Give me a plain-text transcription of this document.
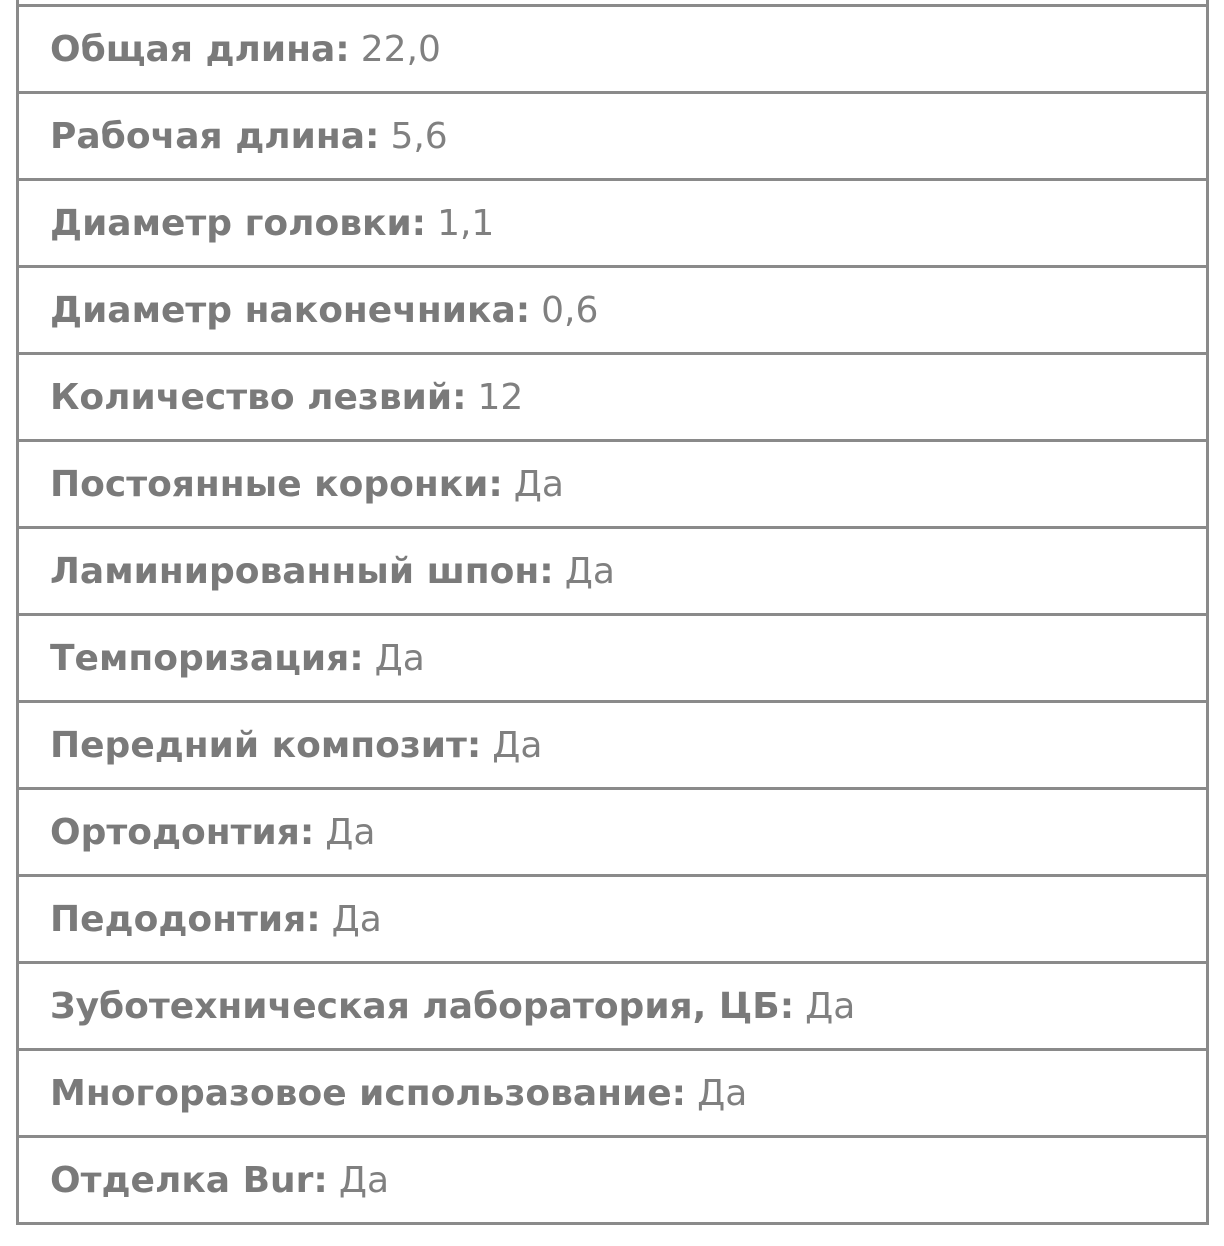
Общая длина: 22,0
Рабочая длина: 5,6
Диаметр головки: 1,1
Диаметр наконечника: 0,6
Количество лезвий: 12
Постоянные коронки: Да
Ламинированный шпон: Да
Темпоризация: Да
Передний композит: Да
Ортодонтия: Да
Педодонтия: Да
Зуботехническая лаборатория, ЦБ: Да
Многоразовое использование: Да
Отделка Bur: Да
